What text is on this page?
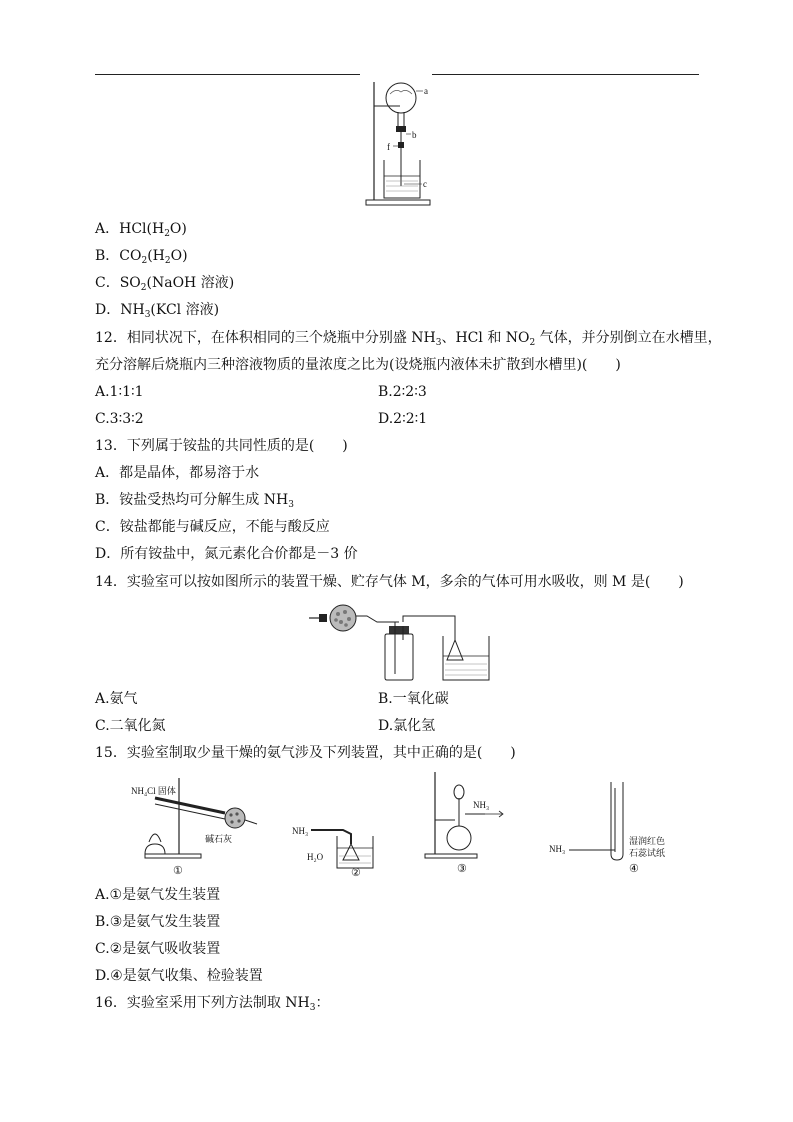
a
b
f
c
A．$HCl(H_2O)$
B．$CO_2(H_2O)$
C．$SO_2(NaOH$ 溶液)
D．$NH_3(KCl$ 溶液)
12．相同状况下，在体积相同的三个烧瓶中分别盛 $NH_3$、HCl 和 $NO_2$ 气体，并分别倒立在水槽里，
充分溶解后烧瓶内三种溶液物质的量浓度之比为(设烧瓶内液体未扩散到水槽里)(　　)
A.1∶1∶1	B.2∶2∶3
C.3∶3∶2	D.2∶2∶1
13．下列属于铵盐的共同性质的是(　　)
A．都是晶体，都易溶于水
B．铵盐受热均可分解生成 $NH_3$
C．铵盐都能与碱反应，不能与酸反应
D．所有铵盐中，氮元素化合价都是－3 价
14．实验室可以按如图所示的装置干燥、贮存气体 M，多余的气体可用水吸收，则 M 是(　　)
A.氨气	B.一氧化碳
C.二氧化氮	D.氯化氢
15．实验室制取少量干燥的氨气涉及下列装置，其中正确的是(　　)
NH₄Cl 固体
碱石灰
①
NH₃
H₂O
②
NH₃
③
NH₃
湿润红色
石蕊试纸
④
A.①是氨气发生装置
B.③是氨气发生装置
C.②是氨气吸收装置
D.④是氨气收集、检验装置
16．实验室采用下列方法制取 $NH_3$：
